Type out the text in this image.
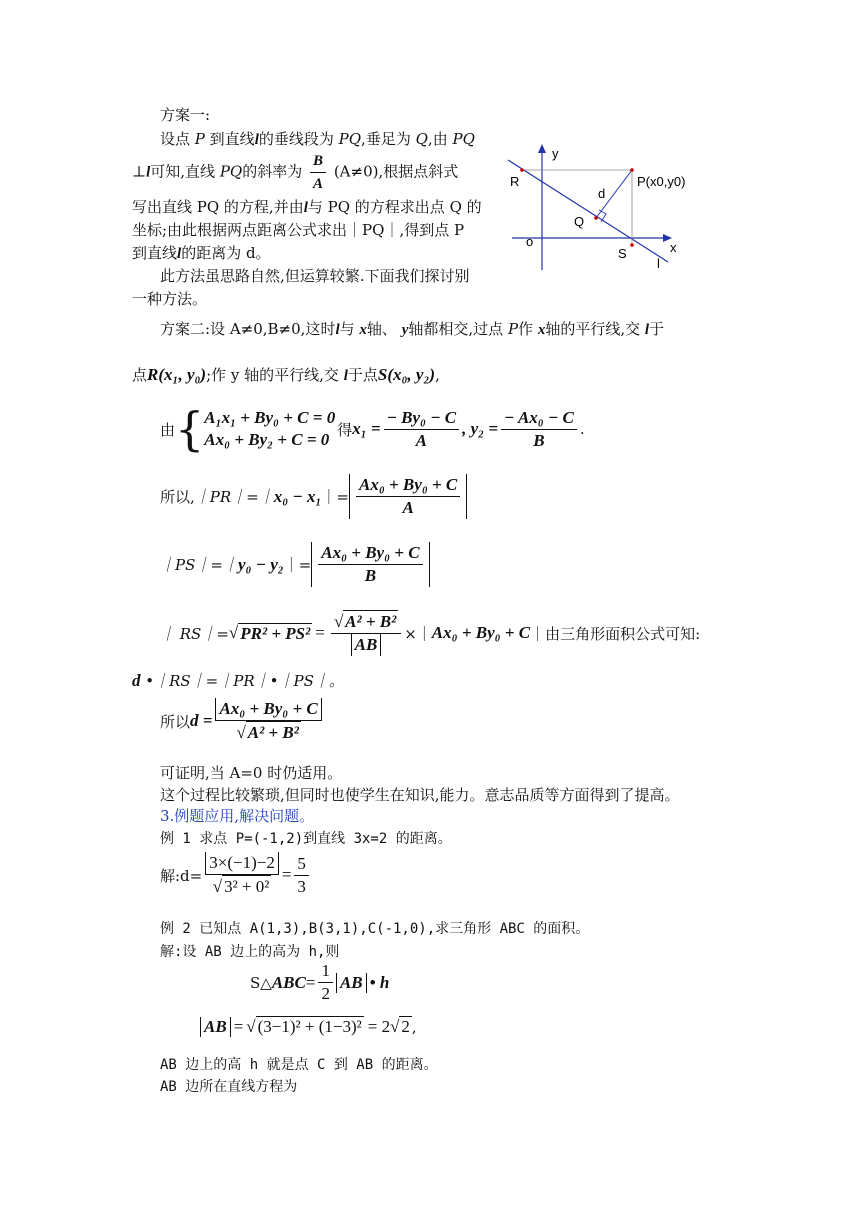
方案一:
设点 P 到直线l的垂线段为 PQ,垂足为 Q,由 PQ
⊥l可知,直线 PQ的斜率为 $\frac{B}{A} (A\ne 0)$,根据点斜式
写出直线 PQ 的方程,并由l与 PQ 的方程求出点 Q 的
坐标;由此根据两点距离公式求出｜PQ｜,得到点 P
到直线l的距离为 d。
此方法虽思路自然,但运算较繁.下面我们探讨别
一种方法。
y
x
o
R	P(x0,y0)
d
Q
S
l
方案二:设 A≠0,B≠0,这时l与 x轴、 y轴都相交,过点 P作 x轴的平行线,交 l于
点R(x₁, y₀);作 y 轴的平行线,交 l于点S(x₀, y₂),
由 { A₁x₁ + By₀ + C = 0
Ax₀ + By₂ + C = 0
得 $x_1 = \frac{\text{− By₀ − C}}{A}$ , $y_2 = \frac{\text{− Ax₀ − C}}{B}$ .
所以, ｜PR｜=｜ x₀ − x₁ ｜= $\frac{\text{Ax₀ + By₀ + C}}{A}$
｜PS｜=｜ y₀ − y₂ ｜= $\frac{\text{Ax₀ + By₀ + C}}{B}$
｜ RS｜= √ $PR^2 + PS^2 = \frac{\text{√ A² + B²}}{AB}$ ×｜ Ax₀ + By₀ + C ｜由三角形面积公式可知:
d •｜RS｜=｜PR｜•｜PS｜。
所以 $d = \frac{\text{Ax₀ + By₀ + C}}{\text{√ A² + B²}}$
可证明,当 A=0 时仍适用。
这个过程比较繁琐,但同时也使学生在知识,能力。意志品质等方面得到了提高。
3.例题应用,解决问题。
例 1 求点 P=(-1,2)到直线 3x=2 的距离。
解:d= $\frac{3\times(-1)-2}{\text{√ 3² + 0²}} = \frac{5}{3}$
例 2 已知点 A(1,3),B(3,1),C(-1,0),求三角形 ABC 的面积。
解:设 AB 边上的高为 h,则
S △ ABC = $\frac{1}{2}$ AB • h
AB = √ (3−1)² + (1−3)² = 2 √ 2 ,
AB 边上的高 h 就是点 C 到 AB 的距离。
AB 边所在直线方程为
